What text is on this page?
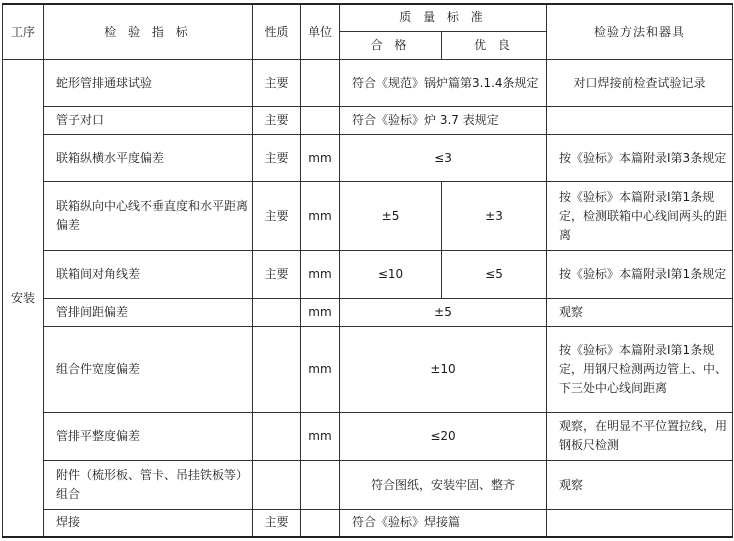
工序	检 验 指 标	性质	单位	质 量 标 准		检验方法和器具
				合 格	优 良	
安装	蛇形管排通球试验	主要		符合《规范》锅炉篇第3.1.4条规定		对口焊接前检查试验记录
	管子对口	主要		符合《验标》炉 3.7 表规定		
	联箱纵横水平度偏差	主要	mm	≤3		按《验标》本篇附录Ⅰ第3条规定
	联箱纵向中心线不垂直度和水平距离偏差	主要	mm	±5	±3	按《验标》本篇附录Ⅰ第1条规定，检测联箱中心线间两头的距离
	联箱间对角线差	主要	mm	≤10	≤5	按《验标》本篇附录Ⅰ第1条规定
	管排间距偏差		mm	±5		观察
	组合件宽度偏差		mm	±10		按《验标》本篇附录Ⅰ第1条规定，用钢尺检测两边管上、中、下三处中心线间距离
	管排平整度偏差		mm	≤20		观察，在明显不平位置拉线，用钢板尺检测
	附件（梳形板、管卡、吊挂铁板等）组合			符合图纸，安装牢固、整齐		观察
	焊接	主要		符合《验标》焊接篇		
